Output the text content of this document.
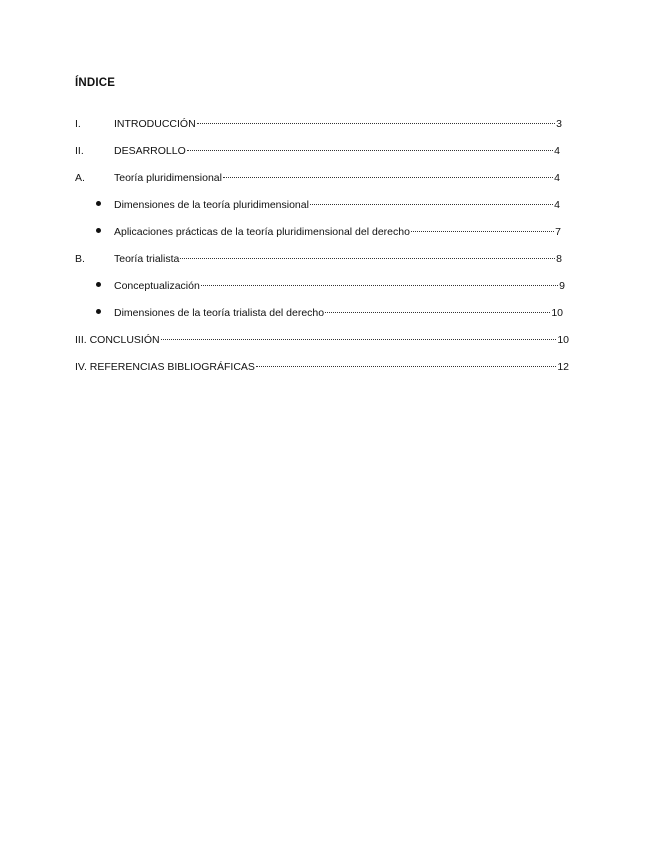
ÍNDICE
I.	INTRODUCCIÓN	3
II.	DESARROLLO	4
A.	Teoría pluridimensional	4
Dimensiones de la teoría pluridimensional	4
Aplicaciones prácticas de la teoría pluridimensional del derecho	7
B.	Teoría trialista	8
Conceptualización	9
Dimensiones de la teoría trialista del derecho	10
III. CONCLUSIÓN	10
IV. REFERENCIAS BIBLIOGRÁFICAS	12
